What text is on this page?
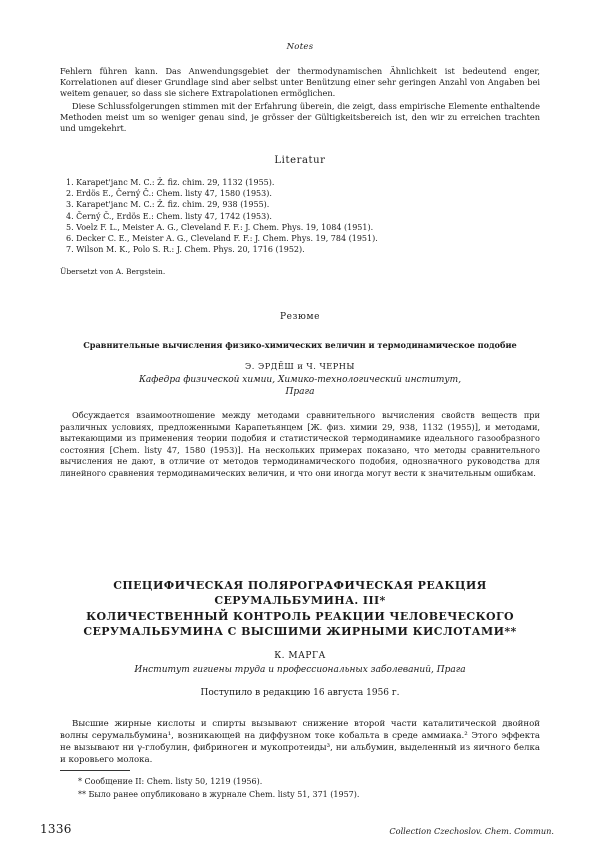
Notes

Fehlern führen kann. Das Anwendungsgebiet der thermodynamischen Ähnlichkeit ist bedeutend enger, Korrelationen auf dieser Grundlage sind aber selbst unter Benützung einer sehr geringen Anzahl von Angaben bei weitem genauer, so dass sie sichere Extrapolationen ermöglichen.

Diese Schlussfolgerungen stimmen mit der Erfahrung überein, die zeigt, dass empirische Elemente enthaltende Methoden meist um so weniger genau sind, je grösser der Gültigkeitsbereich ist, den wir zu erreichen trachten und umgekehrt.

Literatur
1. Karapet'janc M. C.: Ž. fiz. chim. 29, 1132 (1955).
2. Erdös E., Černý Č.: Chem. listy 47, 1580 (1953).
3. Karapet'janc M. C.: Ž. fiz. chim. 29, 938 (1955).
4. Černý Č., Erdös E.: Chem. listy 47, 1742 (1953).
5. Voelz F. L., Meister A. G., Cleveland F. F.: J. Chem. Phys. 19, 1084 (1951).
6. Decker C. E., Meister A. G., Cleveland F. F.: J. Chem. Phys. 19, 784 (1951).
7. Wilson M. K., Polo S. R.: J. Chem. Phys. 20, 1716 (1952).
Übersetzt von A. Bergstein.
Резюме
Сравнительные вычисления физико-химических величин и термодинамическое подобие
Э. ЭРДЁШ и Ч. ЧЕРНЫ
Кафедра физической химии, Химико-технологический институт,
Прага

Обсуждается взаимоотношение между методами сравнительного вычисления свойств веществ при различных условиях, предложенными Карапетьянцем [Ж. физ. химии 29, 938, 1132 (1955)], и методами, вытекающими из применения теории подобия и статистической термодинамике идеального газообразного состояния [Chem. listy 47, 1580 (1953)]. На нескольких примерах показано, что методы сравнительного вычисления не дают, в отличие от методов термодинамического подобия, однозначного руководства для линейного сравнения термодинамических величин, и что они иногда могут вести к значительным ошибкам.

СПЕЦИФИЧЕСКАЯ ПОЛЯРОГРАФИЧЕСКАЯ РЕАКЦИЯ
СЕРУМАЛЬБУМИНА. III*
КОЛИЧЕСТВЕННЫЙ КОНТРОЛЬ РЕАКЦИИ ЧЕЛОВЕЧЕСКОГО
СЕРУМАЛЬБУМИНА С ВЫСШИМИ ЖИРНЫМИ КИСЛОТАМИ**
К. МАРГА
Институт гигиены труда и профессиональных заболеваний, Прага
Поступило в редакцию 16 августа 1956 г.

Высшие жирные кислоты и спирты вызывают снижение второй части каталитической двойной волны серумальбумина¹, возникающей на диффузном токе кобальта в среде аммиака.² Этого эффекта не вызывают ни γ-глобулин, фибриноген и мукопротеиды³, ни альбумин, выделенный из яичного белка и коровьего молока.

* Сообщение II: Chem. listy 50, 1219 (1956).
** Было ранее опубликовано в журнале Chem. listy 51, 371 (1957).
1336	Collection Czechoslov. Chem. Commun.
